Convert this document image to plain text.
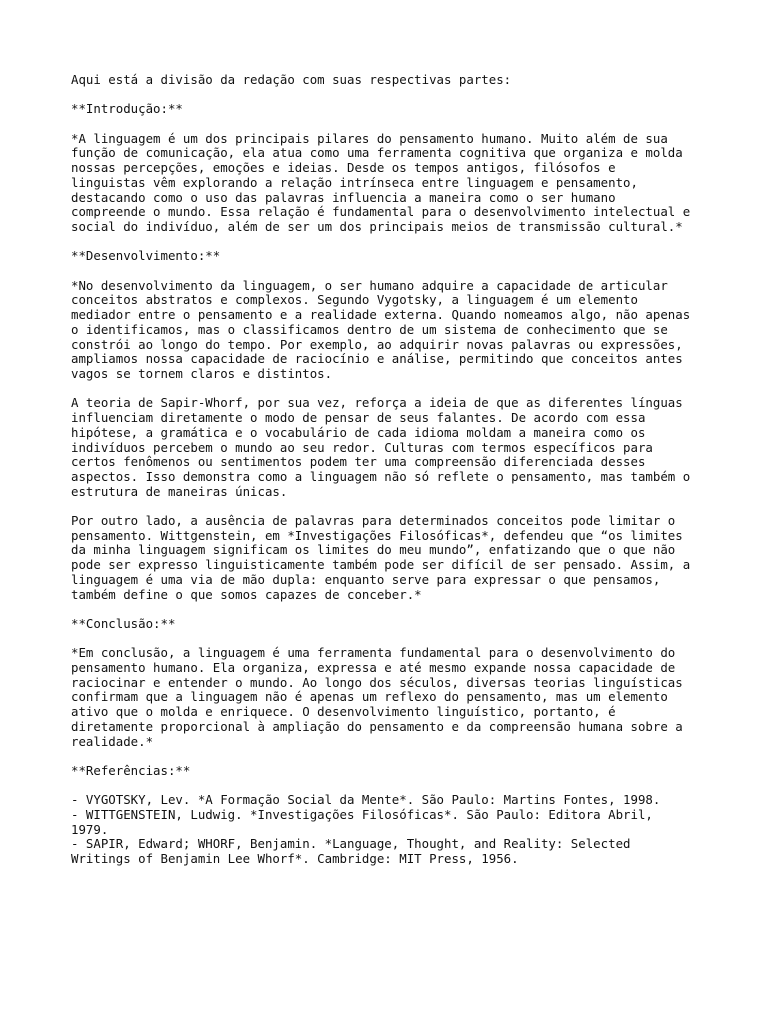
Aqui está a divisão da redação com suas respectivas partes:
**Introdução:**
*A linguagem é um dos principais pilares do pensamento humano. Muito além de sua
função de comunicação, ela atua como uma ferramenta cognitiva que organiza e molda
nossas percepções, emoções e ideias. Desde os tempos antigos, filósofos e
linguistas vêm explorando a relação intrínseca entre linguagem e pensamento,
destacando como o uso das palavras influencia a maneira como o ser humano
compreende o mundo. Essa relação é fundamental para o desenvolvimento intelectual e
social do indivíduo, além de ser um dos principais meios de transmissão cultural.*
**Desenvolvimento:**
*No desenvolvimento da linguagem, o ser humano adquire a capacidade de articular
conceitos abstratos e complexos. Segundo Vygotsky, a linguagem é um elemento
mediador entre o pensamento e a realidade externa. Quando nomeamos algo, não apenas
o identificamos, mas o classificamos dentro de um sistema de conhecimento que se
constrói ao longo do tempo. Por exemplo, ao adquirir novas palavras ou expressões,
ampliamos nossa capacidade de raciocínio e análise, permitindo que conceitos antes
vagos se tornem claros e distintos.
A teoria de Sapir-Whorf, por sua vez, reforça a ideia de que as diferentes línguas
influenciam diretamente o modo de pensar de seus falantes. De acordo com essa
hipótese, a gramática e o vocabulário de cada idioma moldam a maneira como os
indivíduos percebem o mundo ao seu redor. Culturas com termos específicos para
certos fenômenos ou sentimentos podem ter uma compreensão diferenciada desses
aspectos. Isso demonstra como a linguagem não só reflete o pensamento, mas também o
estrutura de maneiras únicas.
Por outro lado, a ausência de palavras para determinados conceitos pode limitar o
pensamento. Wittgenstein, em *Investigações Filosóficas*, defendeu que “os limites
da minha linguagem significam os limites do meu mundo”, enfatizando que o que não
pode ser expresso linguisticamente também pode ser difícil de ser pensado. Assim, a
linguagem é uma via de mão dupla: enquanto serve para expressar o que pensamos,
também define o que somos capazes de conceber.*
**Conclusão:**
*Em conclusão, a linguagem é uma ferramenta fundamental para o desenvolvimento do
pensamento humano. Ela organiza, expressa e até mesmo expande nossa capacidade de
raciocinar e entender o mundo. Ao longo dos séculos, diversas teorias linguísticas
confirmam que a linguagem não é apenas um reflexo do pensamento, mas um elemento
ativo que o molda e enriquece. O desenvolvimento linguístico, portanto, é
diretamente proporcional à ampliação do pensamento e da compreensão humana sobre a
realidade.*
**Referências:**
- VYGOTSKY, Lev. *A Formação Social da Mente*. São Paulo: Martins Fontes, 1998.
- WITTGENSTEIN, Ludwig. *Investigações Filosóficas*. São Paulo: Editora Abril,
1979.
- SAPIR, Edward; WHORF, Benjamin. *Language, Thought, and Reality: Selected
Writings of Benjamin Lee Whorf*. Cambridge: MIT Press, 1956.
